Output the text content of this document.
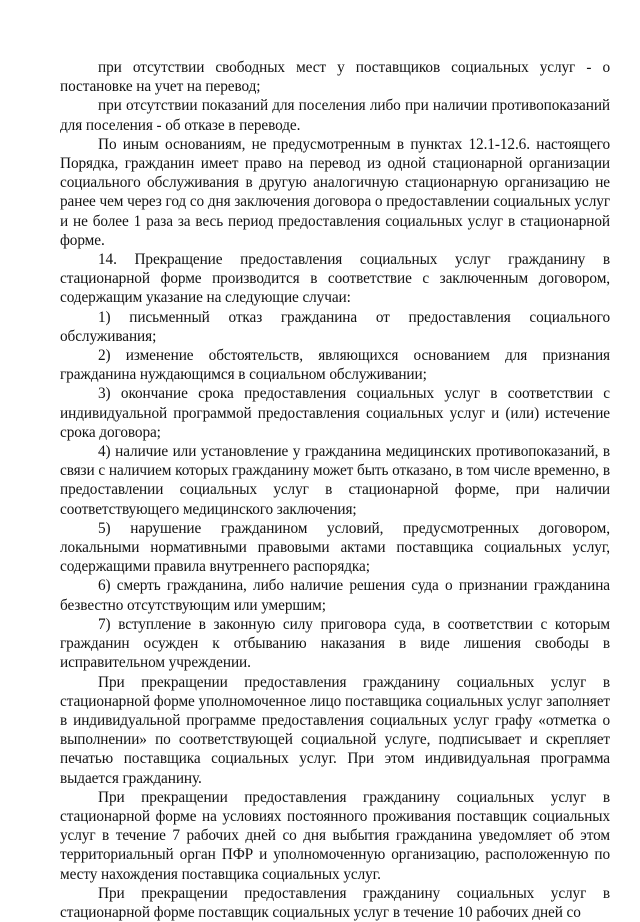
при отсутствии свободных мест у поставщиков социальных услуг - о постановке на учет на перевод;

при отсутствии показаний для поселения либо при наличии противопоказаний для поселения - об отказе в переводе.

По иным основаниям, не предусмотренным в пунктах 12.1-12.6. настоящего Порядка, гражданин имеет право на перевод из одной стационарной организации социального обслуживания в другую аналогичную стационарную организацию не ранее чем через год со дня заключения договора о предоставлении социальных услуг и не более 1 раза за весь период предоставления социальных услуг в стационарной форме.

14. Прекращение предоставления социальных услуг гражданину в стационарной форме производится в соответствие с заключенным договором, содержащим указание на следующие случаи:

1) письменный отказ гражданина от предоставления социального обслуживания;

2) изменение обстоятельств, являющихся основанием для признания гражданина нуждающимся в социальном обслуживании;

3) окончание срока предоставления социальных услуг в соответствии с индивидуальной программой предоставления социальных услуг и (или) истечение срока договора;

4) наличие или установление у гражданина медицинских противопоказаний, в связи с наличием которых гражданину может быть отказано, в том числе временно, в предоставлении социальных услуг в стационарной форме, при наличии соответствующего медицинского заключения;

5) нарушение гражданином условий, предусмотренных договором, локальными нормативными правовыми актами поставщика социальных услуг, содержащими правила внутреннего распорядка;

6) смерть гражданина, либо наличие решения суда о признании гражданина безвестно отсутствующим или умершим;

7) вступление в законную силу приговора суда, в соответствии с которым гражданин осужден к отбыванию наказания в виде лишения свободы в исправительном учреждении.

При прекращении предоставления гражданину социальных услуг в стационарной форме уполномоченное лицо поставщика социальных услуг заполняет в индивидуальной программе предоставления социальных услуг графу «отметка о выполнении» по соответствующей социальной услуге, подписывает и скрепляет печатью поставщика социальных услуг. При этом индивидуальная программа выдается гражданину.

При прекращении предоставления гражданину социальных услуг в стационарной форме на условиях постоянного проживания поставщик социальных услуг в течение 7 рабочих дней со дня выбытия гражданина уведомляет об этом территориальный орган ПФР и уполномоченную организацию, расположенную по месту нахождения поставщика социальных услуг.

При прекращении предоставления гражданину социальных услуг в стационарной форме поставщик социальных услуг в течение 10 рабочих дней со
